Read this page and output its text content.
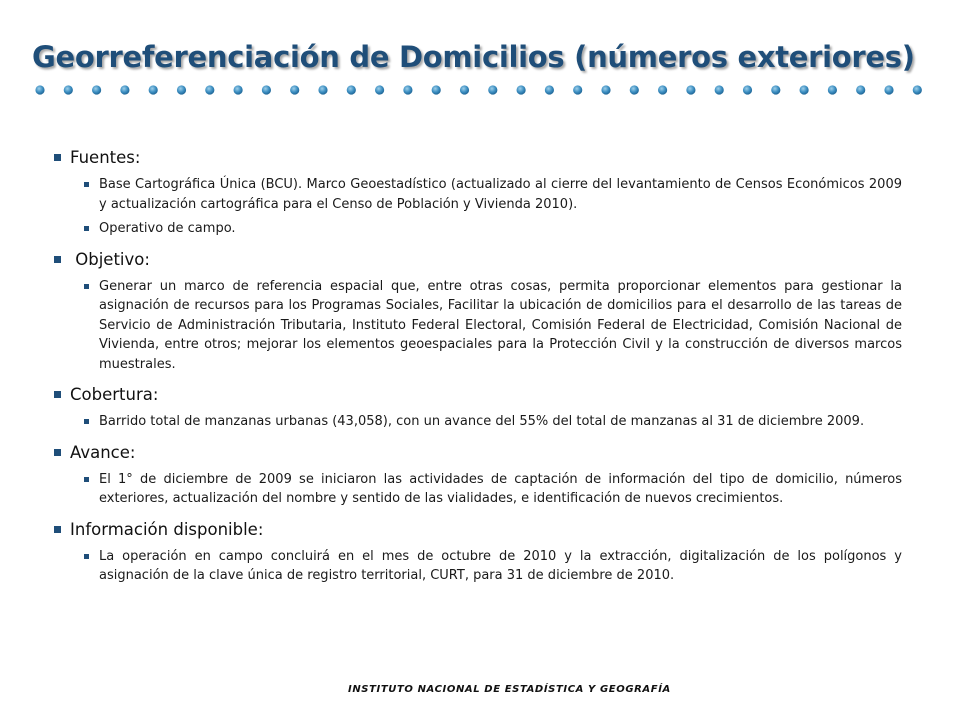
Georreferenciación de Domicilios (números exteriores)
Fuentes:
Base Cartográfica Única (BCU). Marco Geoestadístico (actualizado al cierre del levantamiento de Censos Económicos 2009 y actualización cartográfica para el Censo de Población y Vivienda 2010).
Operativo de campo.
Objetivo:
Generar un marco de referencia espacial que, entre otras cosas, permita proporcionar elementos para gestionar la asignación de recursos para los Programas Sociales, Facilitar la ubicación de domicilios para el desarrollo de las tareas de Servicio de Administración Tributaria, Instituto Federal Electoral, Comisión Federal de Electricidad, Comisión Nacional de Vivienda, entre otros; mejorar los elementos geoespaciales para la Protección Civil y la construcción de diversos marcos muestrales.
Cobertura:
Barrido total de manzanas urbanas (43,058), con un avance del 55% del total de manzanas al 31 de diciembre 2009.
Avance:
El 1° de diciembre de 2009 se iniciaron las actividades de captación de información del tipo de domicilio, números exteriores, actualización del nombre y sentido de las vialidades, e identificación de nuevos crecimientos.
Información disponible:
La operación en campo concluirá en el mes de octubre de 2010 y la extracción, digitalización de los polígonos y asignación de la clave única de registro territorial, CURT, para 31 de diciembre de 2010.
INSTITUTO NACIONAL DE ESTADÍSTICA Y GEOGRAFÍA
